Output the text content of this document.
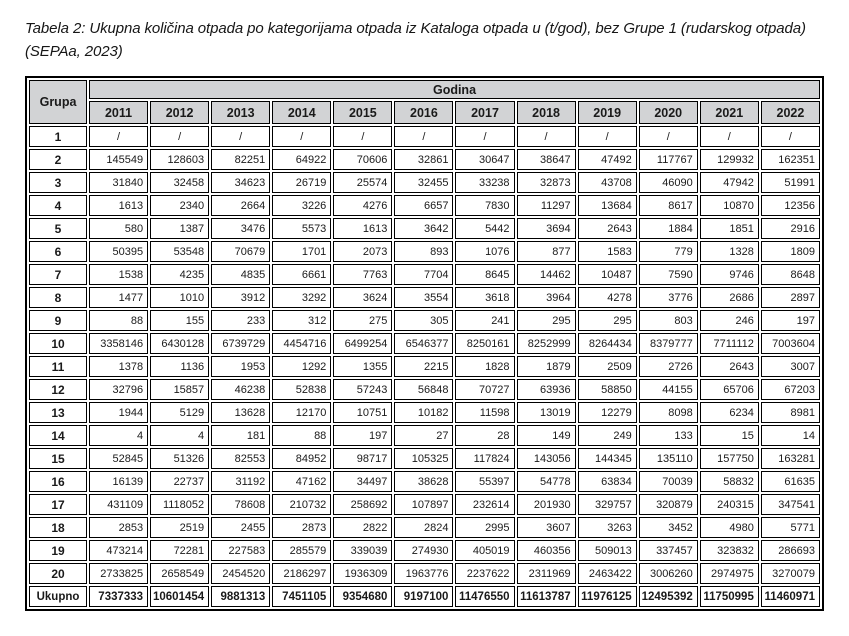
Tabela 2: Ukupna količina otpada po kategorijama otpada iz Kataloga otpada u (t/god), bez Grupe 1 (rudarskog otpada)
(SEPAa, 2023)

Grupa	Godina											
	2011	2012	2013	2014	2015	2016	2017	2018	2019	2020	2021	2022
1	/	/	/	/	/	/	/	/	/	/	/	/
2	145549	128603	82251	64922	70606	32861	30647	38647	47492	117767	129932	162351
3	31840	32458	34623	26719	25574	32455	33238	32873	43708	46090	47942	51991
4	1613	2340	2664	3226	4276	6657	7830	11297	13684	8617	10870	12356
5	580	1387	3476	5573	1613	3642	5442	3694	2643	1884	1851	2916
6	50395	53548	70679	1701	2073	893	1076	877	1583	779	1328	1809
7	1538	4235	4835	6661	7763	7704	8645	14462	10487	7590	9746	8648
8	1477	1010	3912	3292	3624	3554	3618	3964	4278	3776	2686	2897
9	88	155	233	312	275	305	241	295	295	803	246	197
10	3358146	6430128	6739729	4454716	6499254	6546377	8250161	8252999	8264434	8379777	7711112	7003604
11	1378	1136	1953	1292	1355	2215	1828	1879	2509	2726	2643	3007
12	32796	15857	46238	52838	57243	56848	70727	63936	58850	44155	65706	67203
13	1944	5129	13628	12170	10751	10182	11598	13019	12279	8098	6234	8981
14	4	4	181	88	197	27	28	149	249	133	15	14
15	52845	51326	82553	84952	98717	105325	117824	143056	144345	135110	157750	163281
16	16139	22737	31192	47162	34497	38628	55397	54778	63834	70039	58832	61635
17	431109	1118052	78608	210732	258692	107897	232614	201930	329757	320879	240315	347541
18	2853	2519	2455	2873	2822	2824	2995	3607	3263	3452	4980	5771
19	473214	72281	227583	285579	339039	274930	405019	460356	509013	337457	323832	286693
20	2733825	2658549	2454520	2186297	1936309	1963776	2237622	2311969	2463422	3006260	2974975	3270079
Ukupno	7337333	10601454	9881313	7451105	9354680	9197100	11476550	11613787	11976125	12495392	11750995	11460971
